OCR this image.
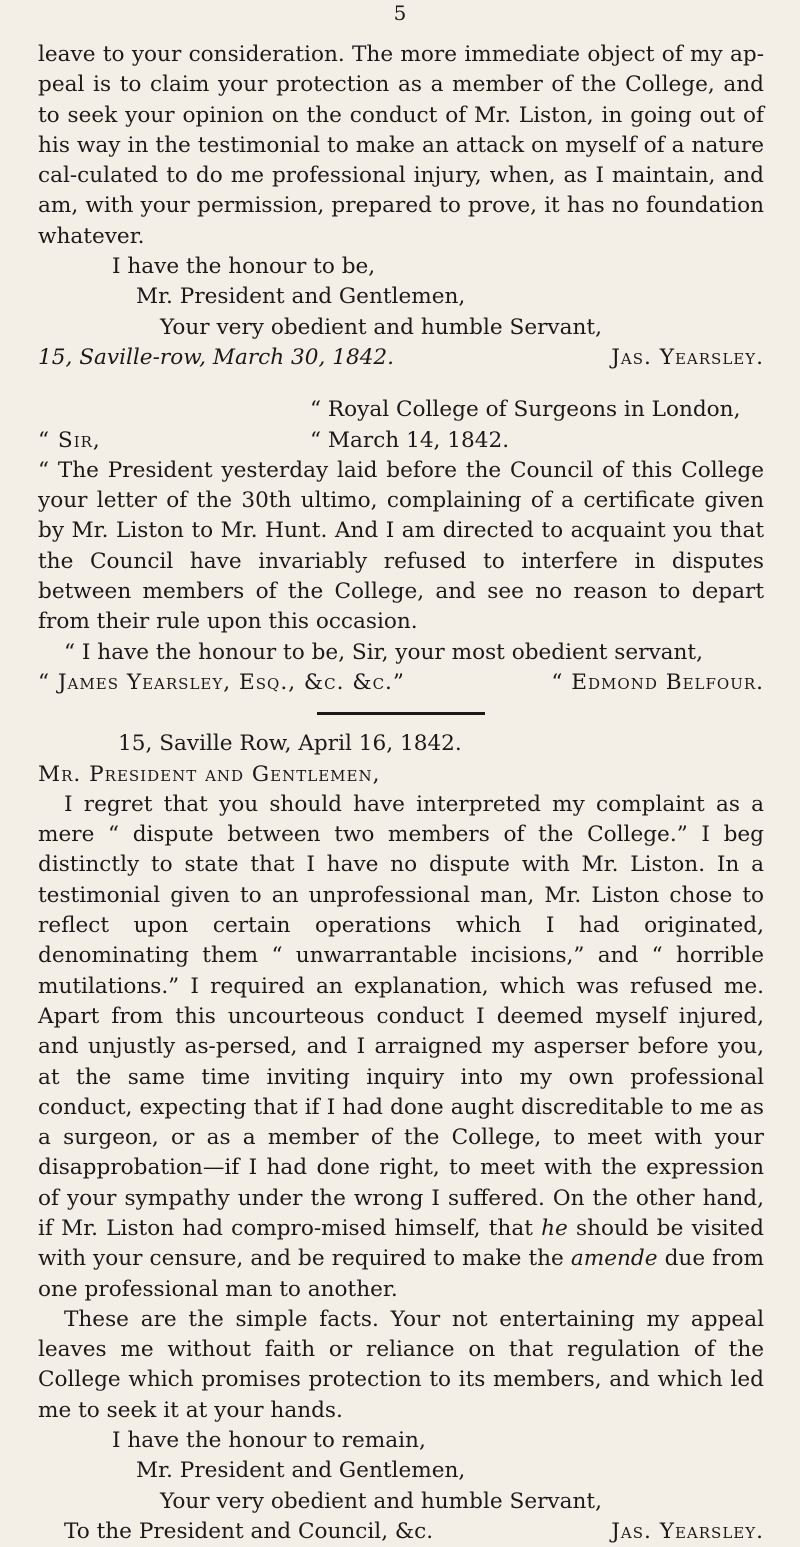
5

leave to your consideration. The more immediate object of my ap-peal is to claim your protection as a member of the College, and to seek your opinion on the conduct of Mr. Liston, in going out of his way in the testimonial to make an attack on myself of a nature cal-culated to do me professional injury, when, as I maintain, and am, with your permission, prepared to prove, it has no foundation whatever.

I have the honour to be,

Mr. President and Gentlemen,

Your very obedient and humble Servant,

15, Saville-row, March 30, 1842.	Jas. Yearsley.

“ Royal College of Surgeons in London,

“ Sir,	“ March 14, 1842.

“ The President yesterday laid before the Council of this College your letter of the 30th ultimo, complaining of a certificate given by Mr. Liston to Mr. Hunt. And I am directed to acquaint you that the Council have invariably refused to interfere in disputes between members of the College, and see no reason to depart from their rule upon this occasion.

“ I have the honour to be, Sir, your most obedient servant,

“ James Yearsley, Esq., &c. &c.”	“ Edmond Belfour.

15, Saville Row, April 16, 1842.

Mr. President and Gentlemen,

I regret that you should have interpreted my complaint as a mere “ dispute between two members of the College.” I beg distinctly to state that I have no dispute with Mr. Liston. In a testimonial given to an unprofessional man, Mr. Liston chose to reflect upon certain operations which I had originated, denominating them “ unwarrantable incisions,” and “ horrible mutilations.” I required an explanation, which was refused me. Apart from this uncourteous conduct I deemed myself injured, and unjustly as-persed, and I arraigned my asperser before you, at the same time inviting inquiry into my own professional conduct, expecting that if I had done aught discreditable to me as a surgeon, or as a member of the College, to meet with your disapprobation—if I had done right, to meet with the expression of your sympathy under the wrong I suffered. On the other hand, if Mr. Liston had compro-mised himself, that he should be visited with your censure, and be required to make the amende due from one professional man to another.

These are the simple facts. Your not entertaining my appeal leaves me without faith or reliance on that regulation of the College which promises protection to its members, and which led me to seek it at your hands.

I have the honour to remain,

Mr. President and Gentlemen,

Your very obedient and humble Servant,

To the President and Council, &c.	Jas. Yearsley.
